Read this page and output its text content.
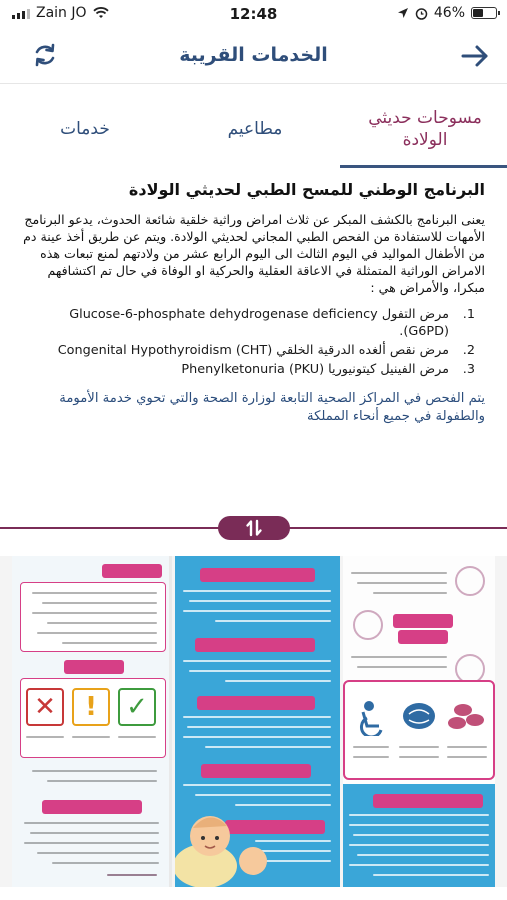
Zain JO	12:48	46%
الخدمات القريبة
مسوحات حديثي الولادة
مطاعيم
خدمات
البرنامج الوطني للمسح الطبي لحديثي الولادة
يعنى البرنامج بالكشف المبكر عن ثلاث امراض وراثية خلقية شائعة الحدوث، يدعو البرنامج الأمهات للاستفادة من الفحص الطبي المجاني لحديثي الولادة. ويتم عن طريق أخذ عينة دم من الأطفال المواليد في اليوم الثالث الى اليوم الرابع عشر من ولادتهم لمنع تبعات هذه الامراض الوراثية المتمثلة في الاعاقة العقلية والحركية او الوفاة في حال تم اكتشافهم مبكرا، والأمراض هي :
1.
مرض التفول Glucose-6-phosphate dehydrogenase deficiency (G6PD).
2.
مرض نقص ألغده الدرقية الخلقي Congenital Hypothyroidism (CHT)
3.
مرض الفينيل كيتونيوريا Phenylketonuria (PKU)
يتم الفحص في المراكز الصحية التابعة لوزارة الصحة والتي تحوي خدمة الأمومة والطفولة في جميع أنحاء المملكة
✕	!	✓
